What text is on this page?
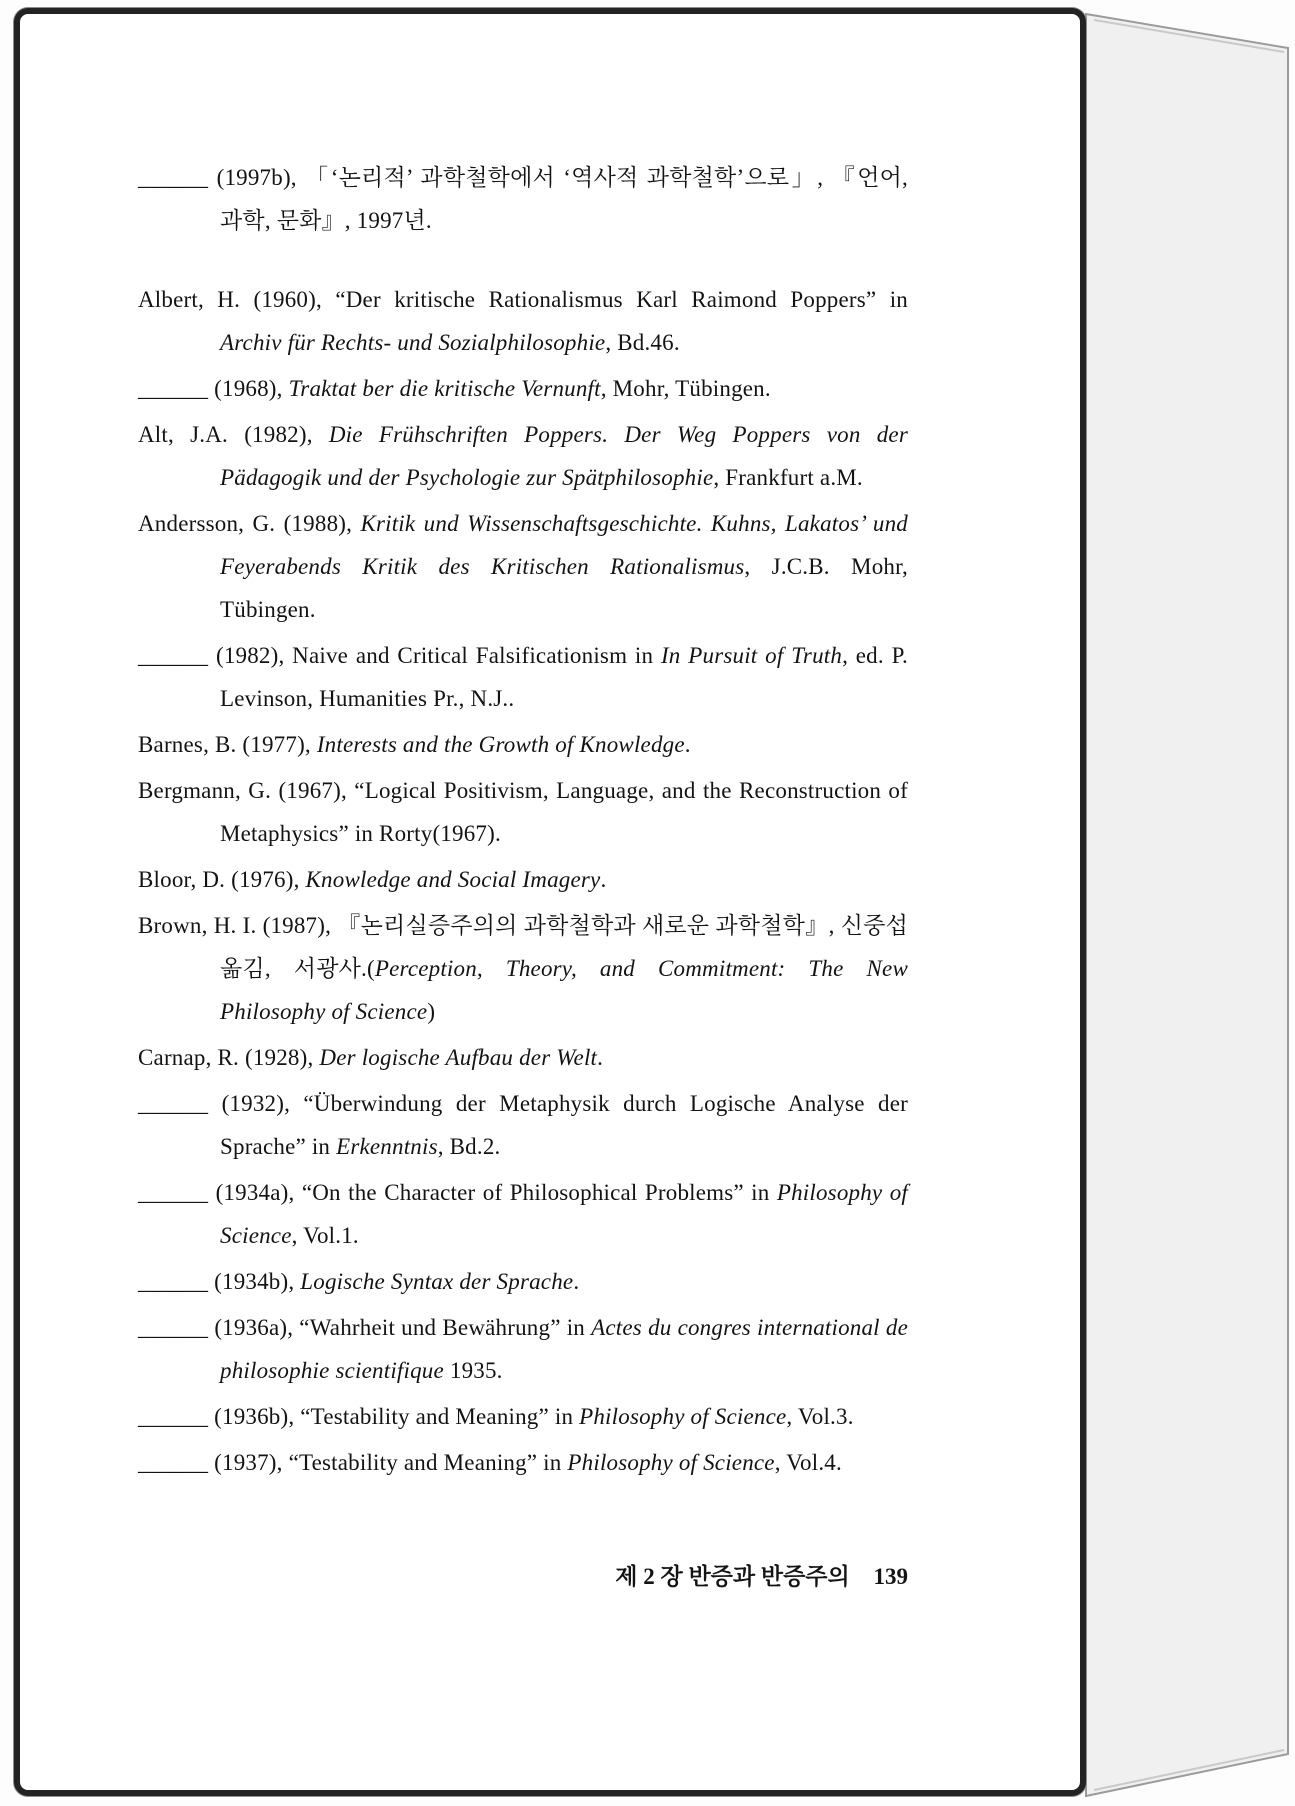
______ (1997b), 「‘논리적’ 과학철학에서 ‘역사적 과학철학’으로」, 『언어, 과학, 문화』, 1997년.

Albert, H. (1960), “Der kritische Rationalismus Karl Raimond Poppers” in Archiv für Rechts- und Sozialphilosophie, Bd.46.

______ (1968), Traktat ber die kritische Vernunft, Mohr, Tübingen.

Alt, J.A. (1982), Die Frühschriften Poppers. Der Weg Poppers von der Pädagogik und der Psychologie zur Spätphilosophie, Frankfurt a.M.

Andersson, G. (1988), Kritik und Wissenschaftsgeschichte. Kuhns, Lakatos’ und Feyerabends Kritik des Kritischen Rationalismus, J.C.B. Mohr, Tübingen.

______ (1982), Naive and Critical Falsificationism in In Pursuit of Truth, ed. P. Levinson, Humanities Pr., N.J..

Barnes, B. (1977), Interests and the Growth of Knowledge.

Bergmann, G. (1967), “Logical Positivism, Language, and the Reconstruction of Metaphysics” in Rorty(1967).

Bloor, D. (1976), Knowledge and Social Imagery.

Brown, H. I. (1987), 『논리실증주의의 과학철학과 새로운 과학철학』, 신중섭 옮김, 서광사.(Perception, Theory, and Commitment: The New Philosophy of Science)

Carnap, R. (1928), Der logische Aufbau der Welt.

______ (1932), “Überwindung der Metaphysik durch Logische Analyse der Sprache” in Erkenntnis, Bd.2.

______ (1934a), “On the Character of Philosophical Problems” in Philosophy of Science, Vol.1.

______ (1934b), Logische Syntax der Sprache.

______ (1936a), “Wahrheit und Bewährung” in Actes du congres international de philosophie scientifique 1935.

______ (1936b), “Testability and Meaning” in Philosophy of Science, Vol.3.

______ (1937), “Testability and Meaning” in Philosophy of Science, Vol.4.

제 2 장 반증과 반증주의 139
